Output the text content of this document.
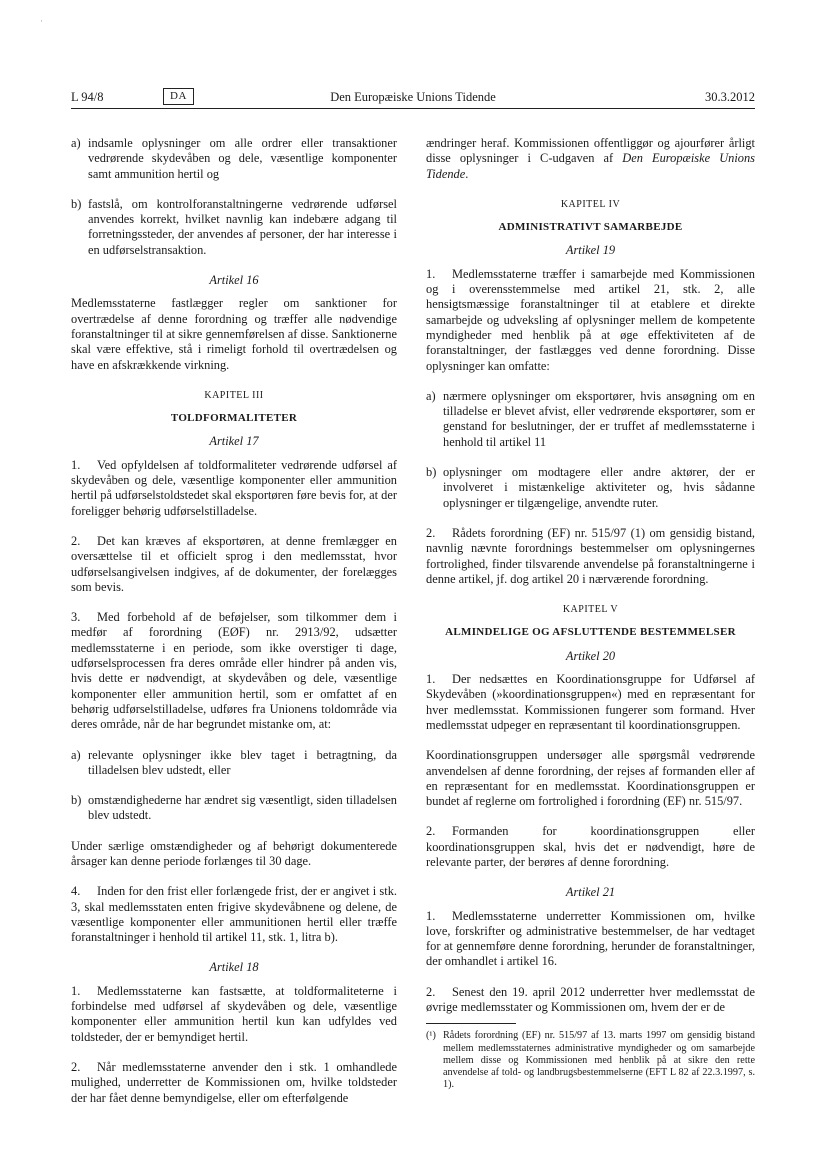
·
L 94/8	DA	Den Europæiske Unions Tidende	30.3.2012
a) indsamle oplysninger om alle ordrer eller transaktioner vedrørende skydevåben og dele, væsentlige komponenter samt ammunition hertil og
b) fastslå, om kontrolforanstaltningerne vedrørende udførsel anvendes korrekt, hvilket navnlig kan indebære adgang til forretningssteder, der anvendes af personer, der har interesse i en udførselstransaktion.

Artikel 16

Medlemsstaterne fastlægger regler om sanktioner for overtrædelse af denne forordning og træffer alle nødvendige foranstaltninger til at sikre gennemførelsen af disse. Sanktionerne skal være effektive, stå i rimeligt forhold til overtrædelsen og have en afskrækkende virkning.

KAPITEL III

TOLDFORMALITETER

Artikel 17

1. Ved opfyldelsen af toldformaliteter vedrørende udførsel af skydevåben og dele, væsentlige komponenter eller ammunition hertil på udførselstoldstedet skal eksportøren føre bevis for, at der foreligger behørig udførselstilladelse.

2. Det kan kræves af eksportøren, at denne fremlægger en oversættelse til et officielt sprog i den medlemsstat, hvor udførselsangivelsen indgives, af de dokumenter, der forelægges som bevis.

3. Med forbehold af de beføjelser, som tilkommer dem i medfør af forordning (EØF) nr. 2913/92, udsætter medlemsstaterne i en periode, som ikke overstiger ti dage, udførselsprocessen fra deres område eller hindrer på anden vis, hvis dette er nødvendigt, at skydevåben og dele, væsentlige komponenter eller ammunition hertil, som er omfattet af en behørig udførselstilladelse, udføres fra Unionens toldområde via deres område, når de har begrundet mistanke om, at:

a) relevante oplysninger ikke blev taget i betragtning, da tilladelsen blev udstedt, eller
b) omstændighederne har ændret sig væsentligt, siden tilladelsen blev udstedt.

Under særlige omstændigheder og af behørigt dokumenterede årsager kan denne periode forlænges til 30 dage.

4. Inden for den frist eller forlængede frist, der er angivet i stk. 3, skal medlemsstaten enten frigive skydevåbnene og delene, de væsentlige komponenter eller ammunitionen hertil eller træffe foranstaltninger i henhold til artikel 11, stk. 1, litra b).

Artikel 18

1. Medlemsstaterne kan fastsætte, at toldformaliteterne i forbindelse med udførsel af skydevåben og dele, væsentlige komponenter eller ammunition hertil kun kan udfyldes ved toldsteder, der er bemyndiget hertil.

2. Når medlemsstaterne anvender den i stk. 1 omhandlede mulighed, underretter de Kommissionen om, hvilke toldsteder der har fået denne bemyndigelse, eller om efterfølgende

ændringer heraf. Kommissionen offentliggør og ajourfører årligt disse oplysninger i C-udgaven af Den Europæiske Unions Tidende.

KAPITEL IV

ADMINISTRATIVT SAMARBEJDE

Artikel 19

1. Medlemsstaterne træffer i samarbejde med Kommissionen og i overensstemmelse med artikel 21, stk. 2, alle hensigtsmæssige foranstaltninger til at etablere et direkte samarbejde og udveksling af oplysninger mellem de kompetente myndigheder med henblik på at øge effektiviteten af de foranstaltninger, der fastlægges ved denne forordning. Disse oplysninger kan omfatte:

a) nærmere oplysninger om eksportører, hvis ansøgning om en tilladelse er blevet afvist, eller vedrørende eksportører, som er genstand for beslutninger, der er truffet af medlemsstaterne i henhold til artikel 11
b) oplysninger om modtagere eller andre aktører, der er involveret i mistænkelige aktiviteter og, hvis sådanne oplysninger er tilgængelige, anvendte ruter.

2. Rådets forordning (EF) nr. 515/97 (1) om gensidig bistand, navnlig nævnte forordnings bestemmelser om oplysningernes fortrolighed, finder tilsvarende anvendelse på foranstaltningerne i denne artikel, jf. dog artikel 20 i nærværende forordning.

KAPITEL V

ALMINDELIGE OG AFSLUTTENDE BESTEMMELSER

Artikel 20

1. Der nedsættes en Koordinationsgruppe for Udførsel af Skydevåben (»koordinationsgruppen«) med en repræsentant for hver medlemsstat. Kommissionen fungerer som formand. Hver medlemsstat udpeger en repræsentant til koordinationsgruppen.

Koordinationsgruppen undersøger alle spørgsmål vedrørende anvendelsen af denne forordning, der rejses af formanden eller af en repræsentant for en medlemsstat. Koordinationsgruppen er bundet af reglerne om fortrolighed i forordning (EF) nr. 515/97.

2. Formanden for koordinationsgruppen eller koordinationsgruppen skal, hvis det er nødvendigt, høre de relevante parter, der berøres af denne forordning.

Artikel 21

1. Medlemsstaterne underretter Kommissionen om, hvilke love, forskrifter og administrative bestemmelser, de har vedtaget for at gennemføre denne forordning, herunder de foranstaltninger, der omhandlet i artikel 16.

2. Senest den 19. april 2012 underretter hver medlemsstat de øvrige medlemsstater og Kommissionen om, hvem der er de

(¹) Rådets forordning (EF) nr. 515/97 af 13. marts 1997 om gensidig bistand mellem medlemsstaternes administrative myndigheder og om samarbejde mellem disse og Kommissionen med henblik på at sikre den rette anvendelse af told- og landbrugsbestemmelserne (EFT L 82 af 22.3.1997, s. 1).
